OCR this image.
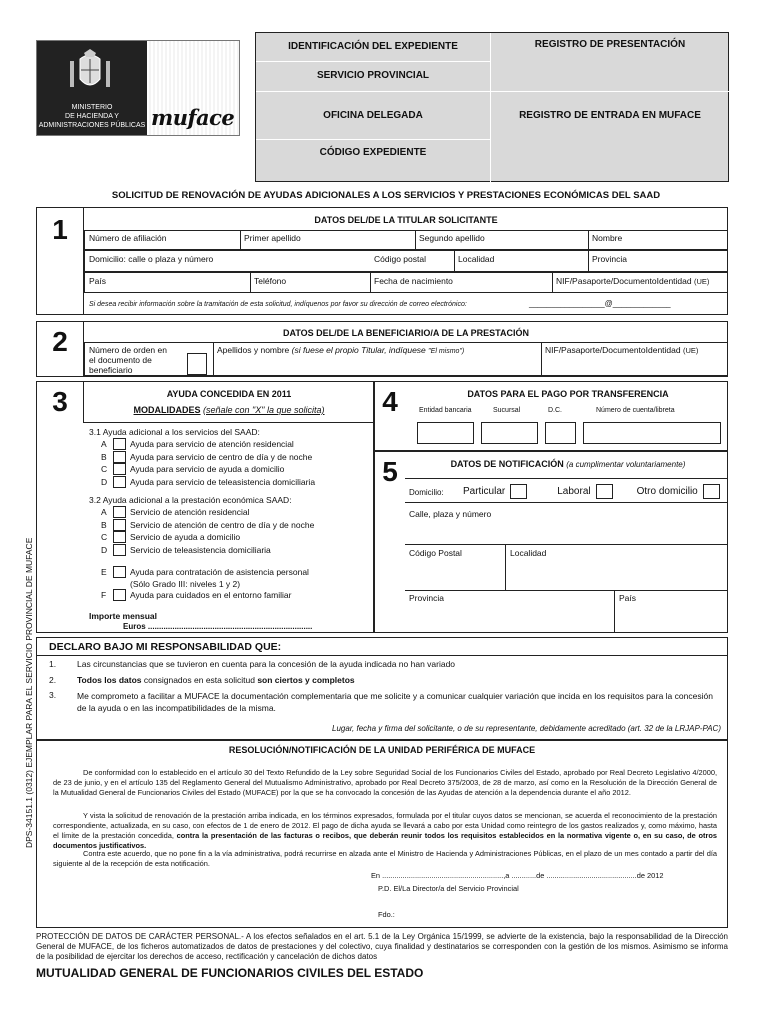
DPS-34151.1 (0312) EJEMPLAR PARA EL SERVICIO PROVINCIAL DE MUFACE
MINISTERIO
DE HACIENDA Y
ADMINISTRACIONES PÚBLICAS muface
IDENTIFICACIÓN DEL EXPEDIENTE	REGISTRO DE PRESENTACIÓN
SERVICIO PROVINCIAL
OFICINA DELEGADA	REGISTRO DE ENTRADA EN MUFACE
CÓDIGO EXPEDIENTE
SOLICITUD DE RENOVACIÓN DE AYUDAS ADICIONALES A LOS SERVICIOS Y PRESTACIONES ECONÓMICAS DEL SAAD
1	DATOS DEL/DE LA TITULAR SOLICITANTE
Número de afiliación	Primer apellido	Segundo apellido	Nombre
Domicilio: calle o plaza y número	Código postal	Localidad	Provincia
País	Teléfono	Fecha de nacimiento	NIF/Pasaporte/DocumentoIdentidad (UE)
Si desea recibir información sobre la tramitación de esta solicitud, indíquenos por favor su dirección de correo electrónico:	_________________@_____________
2	DATOS DEL/DE LA BENEFICIARIO/A DE LA PRESTACIÓN
Número de orden en
el documento de
beneficiario
Apellidos y nombre (si fuese el propio Titular, indíquese "El mismo")	NIF/Pasaporte/DocumentoIdentidad (UE)
3	AYUDA CONCEDIDA EN 2011
MODALIDADES (señale con "X" la que solicita)
3.1 Ayuda adicional a los servicios del SAAD:
3.2 Ayuda adicional a la prestación económica SAAD:
E	Ayuda para contratación de asistencia personal
(Sólo Grado III: niveles 1 y 2)
F	Ayuda para cuidados en el entorno familiar
Importe mensual
Euros ..........................................................................
A	Ayuda para servicio de atención residencial
B	Ayuda para servicio de centro de día y de noche
C	Ayuda para servicio de ayuda a domicilio
D	Ayuda para servicio de teleasistencia domiciliaria
A	Servicio de atención residencial
B	Servicio de atención de centro de día y de noche
C	Servicio de ayuda a domicilio
D	Servicio de teleasistencia domiciliaria
4	DATOS PARA EL PAGO POR TRANSFERENCIA
Entidad bancaria	Sucursal	D.C.	Número de cuenta/libreta
5	DATOS DE NOTIFICACIÓN (a cumplimentar voluntariamente)
Domicilio: Particular	Laboral	Otro domicilio
Calle, plaza y número
Código Postal	Localidad
Provincia	País
DECLARO BAJO MI RESPONSABILIDAD QUE:
1. Las circunstancias que se tuvieron en cuenta para la concesión de la ayuda indicada no han variado
2. Todos los datos consignados en esta solicitud son ciertos y completos
3. Me comprometo a facilitar a MUFACE la documentación complementaria que me solicite y a comunicar cualquier variación que incida en los requisitos para la concesión de la ayuda o en las incompatibilidades de la misma.
Lugar, fecha y firma del solicitante, o de su representante, debidamente acreditado (art. 32 de la LRJAP-PAC)
RESOLUCIÓN/NOTIFICACIÓN DE LA UNIDAD PERIFÉRICA DE MUFACE
De conformidad con lo establecido en el artículo 30 del Texto Refundido de la Ley sobre Seguridad Social de los Funcionarios Civiles del Estado, aprobado por Real Decreto Legislativo 4/2000, de 23 de junio, y en el artículo 135 del Reglamento General del Mutualismo Administrativo, aprobado por Real Decreto 375/2003, de 28 de marzo, así como en la Resolución de la Dirección General de la Mutualidad General de Funcionarios Civiles del Estado (MUFACE) por la que se ha convocado la concesión de las Ayudas de atención a la dependencia durante el año 2012.
Y vista la solicitud de renovación de la prestación arriba indicada, en los términos expresados, formulada por el titular cuyos datos se mencionan, se acuerda el reconocimiento de la prestación correspondiente, actualizada, en su caso, con efectos de 1 de enero de 2012. El pago de dicha ayuda se llevará a cabo por esta Unidad como reintegro de los gastos realizados y, como máximo, hasta el límite de la prestación concedida, contra la presentación de las facturas o recibos, que deberán reunir todos los requisitos establecidos en la normativa vigente o, en su caso, de otros documentos justificativos.
Contra este acuerdo, que no pone fin a la vía administrativa, podrá recurrirse en alzada ante el Ministro de Hacienda y Administraciones Públicas, en el plazo de un mes contado a partir del día siguiente al de la recepción de esta notificación.
En ...........................................................,a ............de ............................................de 2012
P.D. El/La Director/a del Servicio Provincial
Fdo.:
PROTECCIÓN DE DATOS DE CARÁCTER PERSONAL.- A los efectos señalados en el art. 5.1 de la Ley Orgánica 15/1999, se advierte de la existencia, bajo la responsabilidad de la Dirección General de MUFACE, de los ficheros automatizados de datos de prestaciones y del colectivo, cuya finalidad y destinatarios se corresponden con la gestión de los mismos. Asimismo se informa de la posibilidad de ejercitar los derechos de acceso, rectificación y cancelación de dichos datos
MUTUALIDAD GENERAL DE FUNCIONARIOS CIVILES DEL ESTADO
